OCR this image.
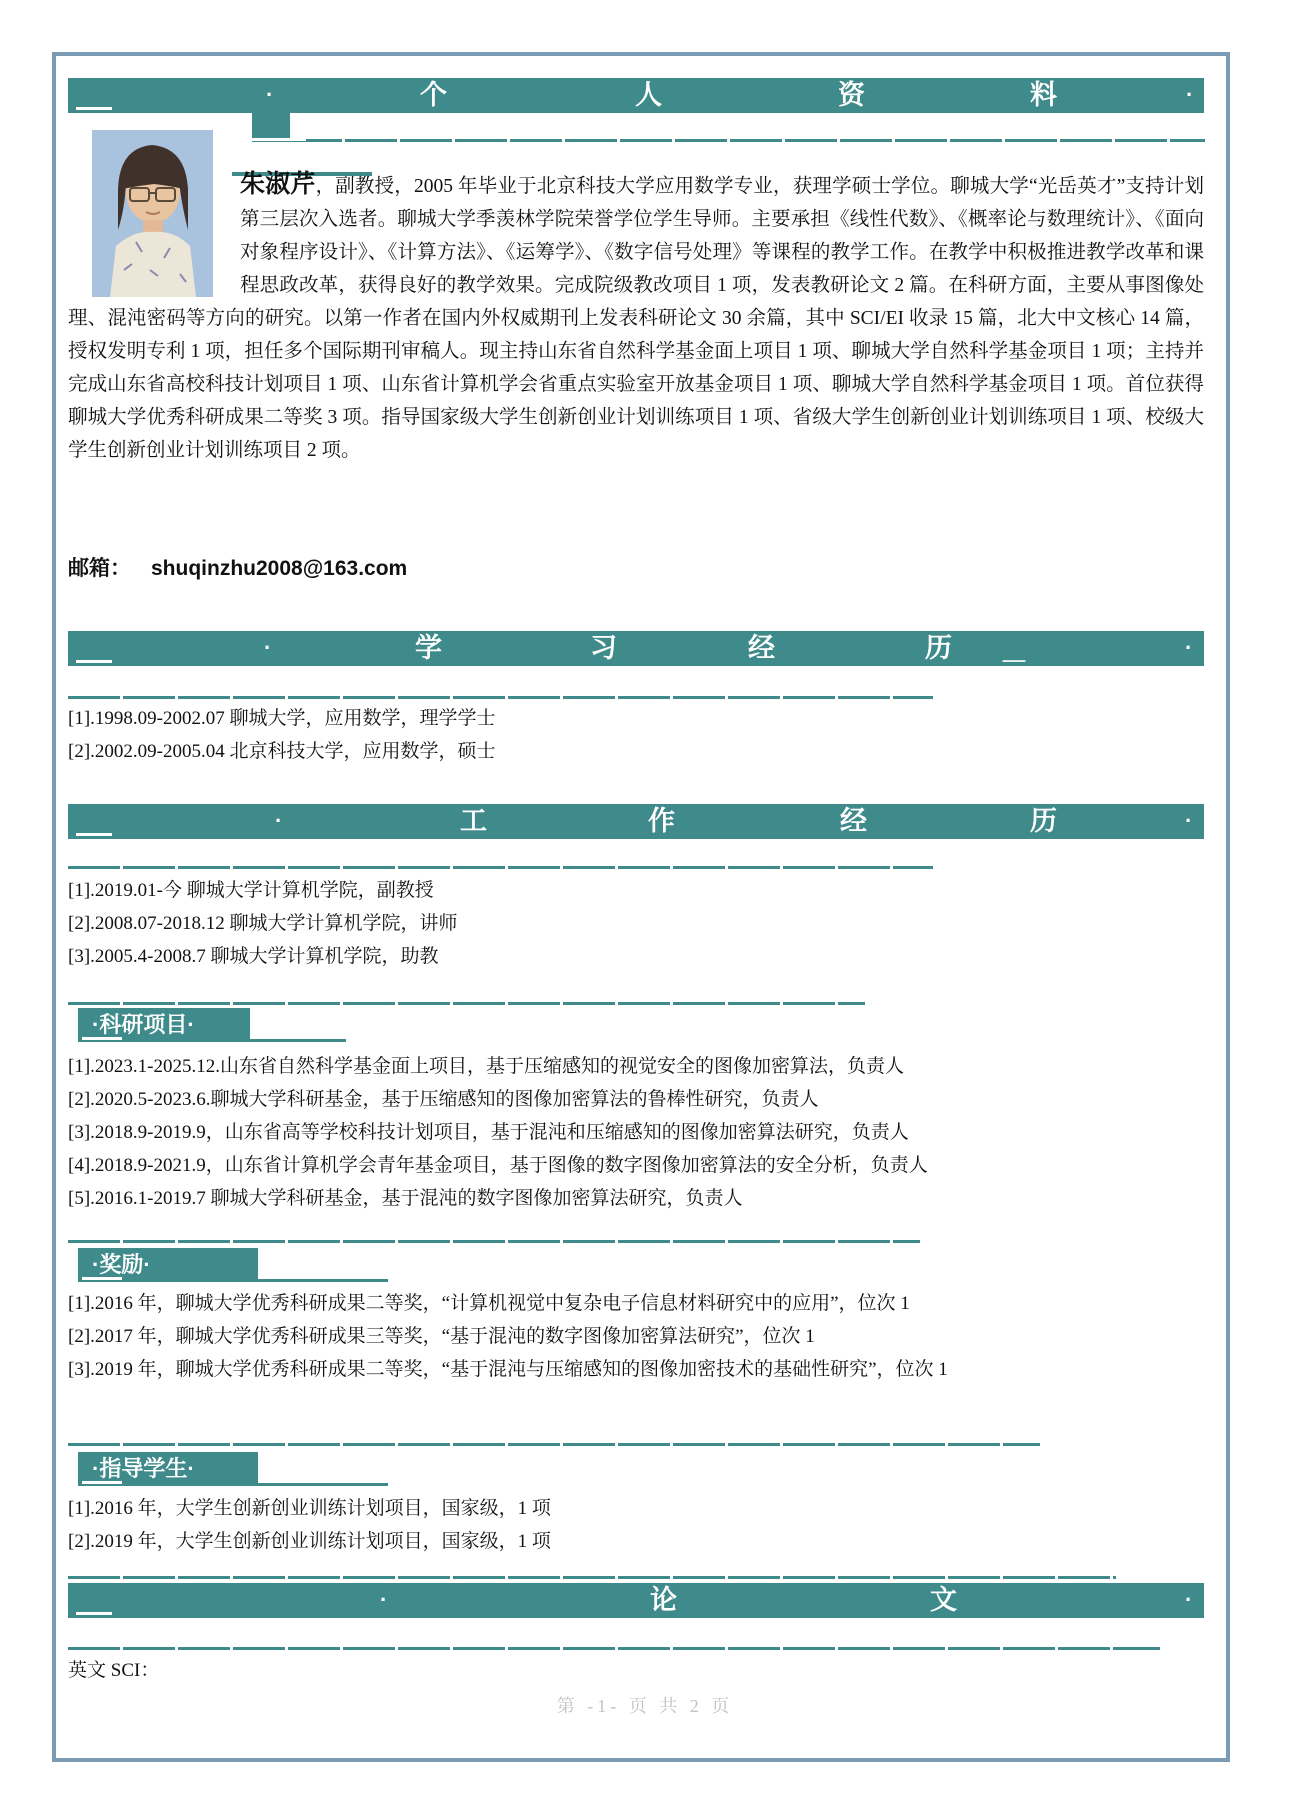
·	个	人	资	料	·
朱淑芹，副教授，2005 年毕业于北京科技大学应用数学专业，获理学硕士学位。聊城大学“光岳英才”支持计划第三层次入选者。聊城大学季羡林学院荣誉学位学生导师。主要承担《线性代数》、《概率论与数理统计》、《面向对象程序设计》、《计算方法》、《运筹学》、《数字信号处理》等课程的教学工作。在教学中积极推进教学改革和课程思政改革，获得良好的教学效果。完成院级教改项目 1 项，发表教研论文 2 篇。在科研方面，主要从事图像处理、混沌密码等方向的研究。以第一作者在国内外权威期刊上发表科研论文 30 余篇，其中 SCI/EI 收录 15 篇，北大中文核心 14 篇，授权发明专利 1 项，担任多个国际期刊审稿人。现主持山东省自然科学基金面上项目 1 项、聊城大学自然科学基金项目 1 项；主持并完成山东省高校科技计划项目 1 项、山东省计算机学会省重点实验室开放基金项目 1 项、聊城大学自然科学基金项目 1 项。首位获得聊城大学优秀科研成果二等奖 3 项。指导国家级大学生创新创业计划训练项目 1 项、省级大学生创新创业计划训练项目 1 项、校级大学生创新创业计划训练项目 2 项。
邮箱： shuqinzhu2008@163.com
·	学	习	经	历 ＿	·
[1].1998.09-2002.07 聊城大学，应用数学，理学学士
[2].2002.09-2005.04 北京科技大学，应用数学，硕士
·	工	作	经	历	·
[1].2019.01-今 聊城大学计算机学院，副教授
[2].2008.07-2018.12 聊城大学计算机学院，讲师
[3].2005.4-2008.7 聊城大学计算机学院，助教
·科研项目·
[1].2023.1-2025.12.山东省自然科学基金面上项目，基于压缩感知的视觉安全的图像加密算法，负责人
[2].2020.5-2023.6.聊城大学科研基金，基于压缩感知的图像加密算法的鲁棒性研究，负责人
[3].2018.9-2019.9，山东省高等学校科技计划项目，基于混沌和压缩感知的图像加密算法研究，负责人
[4].2018.9-2021.9，山东省计算机学会青年基金项目，基于图像的数字图像加密算法的安全分析，负责人
[5].2016.1-2019.7 聊城大学科研基金，基于混沌的数字图像加密算法研究，负责人
·奖励·
[1].2016 年，聊城大学优秀科研成果二等奖，“计算机视觉中复杂电子信息材料研究中的应用”，位次 1
[2].2017 年，聊城大学优秀科研成果三等奖，“基于混沌的数字图像加密算法研究”，位次 1
[3].2019 年，聊城大学优秀科研成果二等奖，“基于混沌与压缩感知的图像加密技术的基础性研究”，位次 1
·指导学生·
[1].2016 年，大学生创新创业训练计划项目，国家级，1 项
[2].2019 年，大学生创新创业训练计划项目，国家级，1 项
·	论	文	·
英文 SCI：
第 -1- 页 共 2 页
